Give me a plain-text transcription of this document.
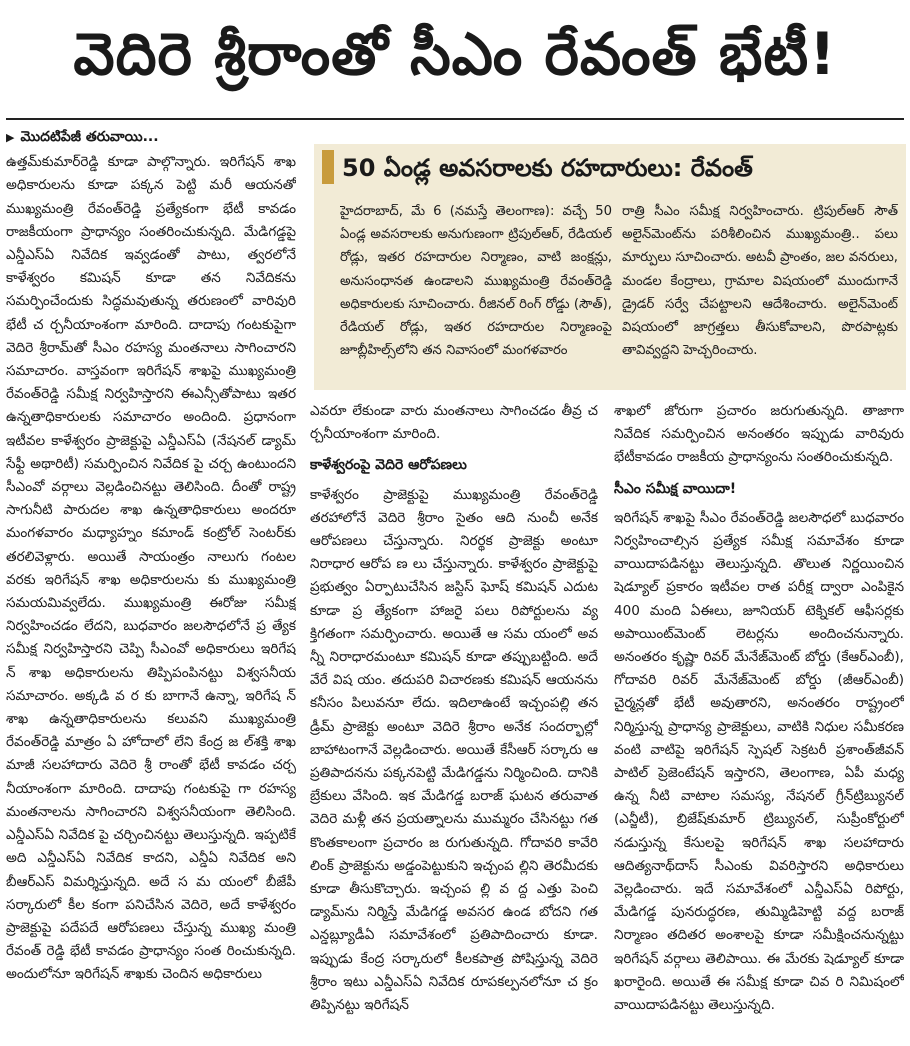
వెదిరె శ్రీరాంతో సీఎం రేవంత్ భేటీ!
▶ మొదటిపేజీ తరువాయి...

ఉత్తమ్‌కుమార్‌రెడ్డి కూడా పాల్గొన్నారు. ఇరిగేషన్ శాఖ అధికారులను కూడా పక్కన పెట్టి మరీ ఆయనతో ముఖ్యమంత్రి రేవంత్‌రెడ్డి ప్రత్యేకంగా భేటీ కావడం రాజకీయంగా ప్రాధాన్యం సంతరించుకున్నది. మేడిగడ్డపై ఎన్డీఎస్ఏ నివేదిక ఇవ్వడంతో పాటు, త్వరలోనే కాళేశ్వరం కమిషన్ కూడా తన నివేదికను సమర్పించేందుకు సిద్ధమవుతున్న తరుణంలో వారివురి భేటీ చ ర్చనీయాంశంగా మారింది. దాదాపు గంటకుపైగా వెదిరె శ్రీరామ్‌తో సీఎం రహస్య మంతనాలు సాగించారని సమాచారం. వాస్తవంగా ఇరిగేషన్ శాఖపై ముఖ్యమంత్రి రేవంత్‌రెడ్డి సమీక్ష నిర్వహిస్తారని ఈఎన్సీతోపాటు ఇతర ఉన్నతాధికారులకు సమాచారం అందింది. ప్రధానంగా ఇటీవల కాళేశ్వరం ప్రాజెక్టుపై ఎన్డీఎస్ఏ (నేషనల్ డ్యామ్ సేఫ్టీ అథారిటీ) సమర్పించిన నివేదిక పై చర్చ ఉంటుందని సీఎంవో వర్గాలు వెల్లడించినట్టు తెలిసింది. దీంతో రాష్ట్ర సాగునీటి పారుదల శాఖ ఉన్నతాధికారులు అందరూ మంగళవారం మధ్యాహ్నం కమాండ్ కంట్రోల్ సెంటర్‌కు తరలివెళ్లారు. అయితే సాయంత్రం నాలుగు గంటల వరకు ఇరిగేషన్ శాఖ అధికారులను కు ముఖ్యమంత్రి సమయమివ్వలేదు. ముఖ్యమంత్రి ఈరోజు సమీక్ష నిర్వహించడం లేదని, బుధవారం జలసౌధలోనే ప్ర త్యేక సమీక్ష నిర్వహిస్తారని చెప్పి సీఎంవో అధికారులు ఇరిగేష న్ శాఖ అధికారులను తిప్పిపంపినట్టు విశ్వసనీయ సమాచారం. అక్కడి వ ర కు బాగానే ఉన్నా, ఇరిగేష న్ శాఖ ఉన్నతాధికారులను కలువని ముఖ్యమంత్రి రేవంత్‌రెడ్డి మాత్రం ఏ హోదాలో లేని కేంద్ర జ ల్‌శక్తి శాఖ మాజీ సలహాదారు వెదిరె శ్రీ రాంతో భేటీ కావడం చర్చ నీయాంశంగా మారింది. దాదాపు గంటకుపై గా రహస్య మంతనాలను సాగించారని విశ్వసనీయంగా తెలిసింది. ఎన్డీఎస్ఏ నివేదిక పై చర్చించినట్టు తెలుస్తున్నది. ఇప్పటికే అది ఎన్డీఎస్ఏ నివేదిక కాదని, ఎన్డీఏ నివేదిక అని బీఆర్ఎస్ విమర్శిస్తున్నది. అదే స మ యంలో బీజేపీ సర్కారులో కీల కంగా పనిచేసిన వెదిరె, అదే కాళేశ్వరం ప్రాజెక్టుపై పదేపదే ఆరోపణలు చేస్తున్న ముఖ్య మంత్రి రేవంత్ రెడ్డి భేటీ కావడం ప్రాధాన్యం సంత రించుకున్నది. అందులోనూ ఇరిగేషన్ శాఖకు చెందిన అధికారులు

50 ఏండ్ల అవసరాలకు రహదారులు: రేవంత్
హైదరాబాద్, మే 6 (నమస్తే తెలంగాణ): వచ్చే 50 ఏండ్ల అవసరాలకు అనుగుణంగా ట్రిపుల్‌ఆర్, రేడియల్ రోడ్లు, ఇతర రహదారుల నిర్మాణం, వాటి జంక్షన్లు, అనుసంధానత ఉండాలని ముఖ్యమంత్రి రేవంత్‌రెడ్డి అధికారులకు సూచించారు. రీజినల్ రింగ్ రోడ్డు (సౌత్), రేడియల్ రోడ్లు, ఇతర రహదారుల నిర్మాణంపై జూబ్లీహిల్స్‌లోని తన నివాసంలో మంగళవారం
రాత్రి సీఎం సమీక్ష నిర్వహించారు. ట్రిపుల్‌ఆర్ సౌత్ అలైన్‌మెంట్‌ను పరిశీలించిన ముఖ్యమంత్రి.. పలు మార్పులు సూచించారు. అటవీ ప్రాంతం, జల వనరులు, మండల కేంద్రాలు, గ్రామాల విషయంలో ముందుగానే డ్రైడర్ సర్వే చేపట్టాలని ఆదేశించారు. అలైన్‌మెంట్ విషయంలో జాగ్రత్తలు తీసుకోవాలని, పొరపాట్లకు తావివ్వద్దని హెచ్చరించారు.

ఎవరూ లేకుండా వారు మంతనాలు సాగించడం తీవ్ర చ ర్చనీయాంశంగా మారింది.

కాళేశ్వరంపై వెదిరె ఆరోపణలు

కాళేశ్వరం ప్రాజెక్టుపై ముఖ్యమంత్రి రేవంత్‌రెడ్డి తరహాలోనే వెదిరె శ్రీరాం సైతం ఆది నుంచీ అనేక ఆరోపణలు చేస్తున్నారు. నిరర్థక ప్రాజెక్టు అంటూ నిరాధార ఆరోప ణ లు చేస్తున్నారు. కాళేశ్వరం ప్రాజెక్టుపై ప్రభుత్వం ఏర్పాటుచేసిన జస్టిస్ ఘోష్ కమిషన్ ఎదుట కూడా ప్ర త్యేకంగా హాజరై పలు రిపోర్టులను వ్య క్తిగతంగా సమర్పించారు. అయితే ఆ సమ యంలో అవ న్నీ నిరాధారమంటూ కమిషన్ కూడా తప్పుబట్టింది. అదే వేరే విష యం. తదుపరి విచారణకు కమిషన్ ఆయనను కనీసం పిలువనూ లేదు. ఇదిలాఉంటే ఇచ్చంపల్లి తన డ్రీమ్ ప్రాజెక్టు అంటూ వెదిరె శ్రీరాం అనేక సందర్భాల్లో బాహాటంగానే వెల్లడించారు. అయితే కేసీఆర్ సర్కారు ఆ ప్రతిపాదనను పక్కనపెట్టి మేడిగడ్డను నిర్మించింది. దానికి బ్రేకులు వేసింది. ఇక మేడిగడ్డ బరాజ్ ఘటన తరువాత వెదిరె మళ్లీ తన ప్రయత్నాలను ముమ్మరం చేసినట్టు గత కొంతకాలంగా ప్రచారం జ రుగుతున్నది. గోదావరి కావేరి లింక్ ప్రాజెక్టును అడ్డంపెట్టుకుని ఇచ్చంప ల్లిని తెరమీదకు కూడా తీసుకొచ్చారు. ఇచ్చంప ల్లి వ ద్ద ఎత్తు పెంచి డ్యామ్‌ను నిర్మిస్తే మేడిగడ్డ అవసర ఉండ బోదని గత ఎన్డబ్ల్యూడీఏ సమావేశంలో ప్రతిపాదించారు కూడా. ఇప్పుడు కేంద్ర సర్కారులో కీలకపాత్ర పోషిస్తున్న వెదిరె శ్రీరాం ఇటు ఎన్డీఎస్ఏ నివేదిక రూపకల్పనలోనూ చ క్రం తిప్పినట్టు ఇరిగేషన్

శాఖలో జోరుగా ప్రచారం జరుగుతున్నది. తాజాగా నివేదిక సమర్పించిన అనంతరం ఇప్పుడు వారివురు భేటీకావడం రాజకీయ ప్రాధాన్యంను సంతరించుకున్నది.

సీఎం సమీక్ష వాయిదా!

ఇరిగేషన్ శాఖపై సీఎం రేవంత్‌రెడ్డి జలసౌధలో బుధవారం నిర్వహించాల్సిన ప్రత్యేక సమీక్ష సమావేశం కూడా వాయిదాపడినట్టు తెలుస్తున్నది. తొలుత నిర్ణయించిన షెడ్యూల్ ప్రకారం ఇటీవల రాత పరీక్ష ద్వారా ఎంపికైన 400 మంది ఏఈలు, జూనియర్ టెక్నికల్ ఆఫీసర్లకు అపాయింట్‌మెంట్ లెటర్లను అందించనున్నారు. అనంతరం కృష్ణా రివర్ మేనేజ్‌మెంట్ బోర్డు (కేఆర్ఎంబీ), గోదావరి రివర్ మేనేజ్‌మెంట్ బోర్డు (జీఆర్ఎంబీ) చైర్మన్లతో భేటీ అవుతారని, అనంతరం రాష్ట్రంలో నిర్మిస్తున్న ప్రాధాన్య ప్రాజెక్టులు, వాటికి నిధుల సమీకరణ వంటి వాటిపై ఇరిగేషన్ స్పెషల్ సెక్రటరీ ప్రశాంత్‌జీవన్ పాటిల్ ప్రెజెంటేషన్ ఇస్తారని, తెలంగాణ, ఏపీ మధ్య ఉన్న నీటి వాటాల సమస్య, నేషనల్ గ్రీన్‌ట్రిబ్యునల్ (ఎన్జీటీ), బ్రిజేష్‌కుమార్ ట్రిబ్యునల్, సుప్రీంకోర్టులో నడుస్తున్న కేసులపై ఇరిగేషన్ శాఖ సలహాదారు ఆదిత్యనాథ్‌దాస్ సీఎంకు వివరిస్తారని అధికారులు వెల్లడించారు. ఇదే సమావేశంలో ఎన్డీఎస్ఏ రిపోర్టు, మేడిగడ్డ పునరుద్ధరణ, తుమ్మిడిహెట్టి వద్ద బరాజ్ నిర్మాణం తదితర అంశాలపై కూడా సమీక్షించనున్నట్టు ఇరిగేషన్ వర్గాలు తెలిపాయి. ఈ మేరకు షెడ్యూల్ కూడా ఖరారైంది. అయితే ఈ సమీక్ష కూడా చివ రి నిమిషంలో వాయిదాపడినట్టు తెలుస్తున్నది.
